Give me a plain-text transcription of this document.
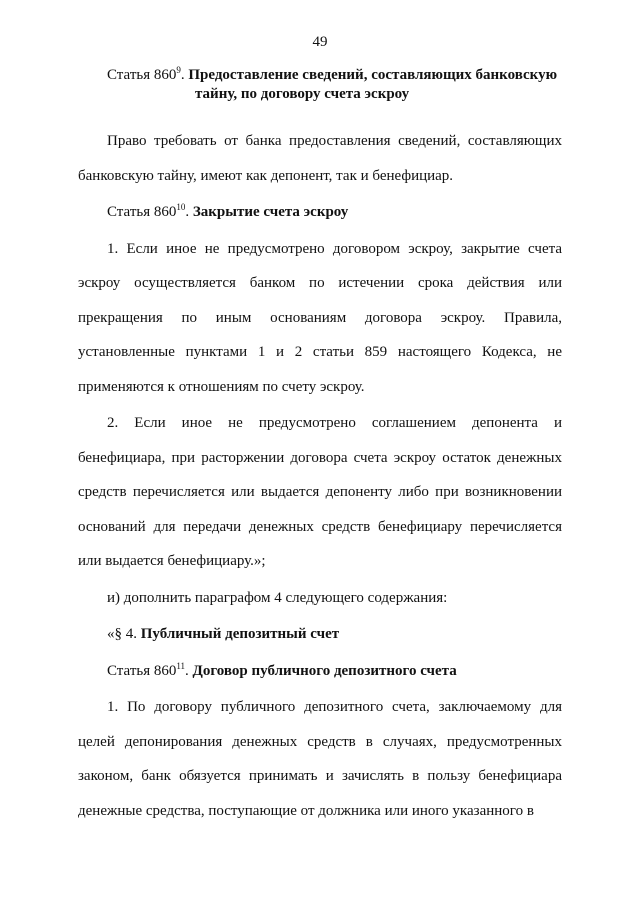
49

Статья $860^9$. Предоставление сведений, составляющих банковскую
тайну, по договору счета эскроу

Право требовать от банка предоставления сведений, составляющих банковскую тайну, имеют как депонент, так и бенефициар.

Статья $860^{10}$. Закрытие счета эскроу

1. Если иное не предусмотрено договором эскроу, закрытие счета эскроу осуществляется банком по истечении срока действия или прекращения по иным основаниям договора эскроу. Правила, установленные пунктами 1 и 2 статьи 859 настоящего Кодекса, не применяются к отношениям по счету эскроу.

2. Если иное не предусмотрено соглашением депонента и бенефициара, при расторжении договора счета эскроу остаток денежных средств перечисляется или выдается депоненту либо при возникновении оснований для передачи денежных средств бенефициару перечисляется или выдается бенефициару.»;

и) дополнить параграфом 4 следующего содержания:

«§ 4. Публичный депозитный счет

Статья $860^{11}$. Договор публичного депозитного счета

1. По договору публичного депозитного счета, заключаемому для целей депонирования денежных средств в случаях, предусмотренных законом, банк обязуется принимать и зачислять в пользу бенефициара денежные средства, поступающие от должника или иного указанного в
